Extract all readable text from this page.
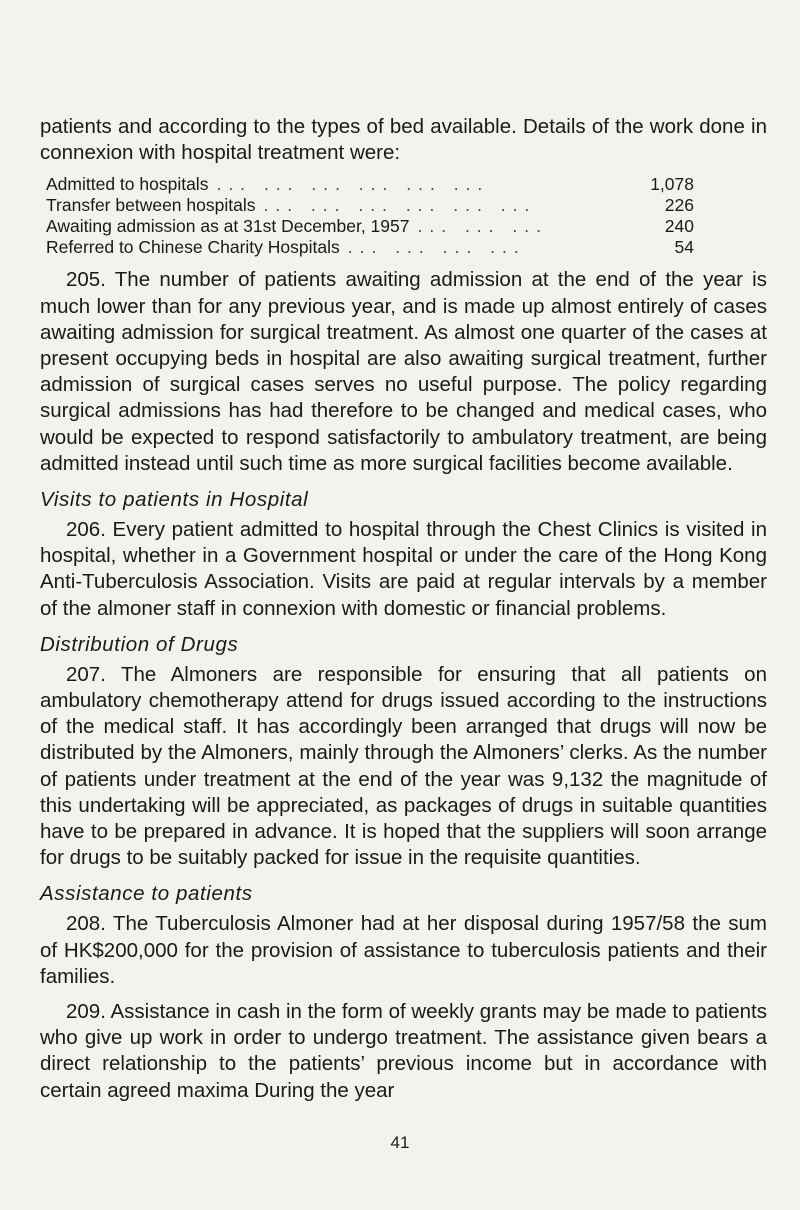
patients and according to the types of bed available. Details of the work done in connexion with hospital treatment were:

Admitted to hospitals ... ... ... ... ... ...	1,078
Transfer between hospitals ... ... ... ... ... ...	226
Awaiting admission as at 31st December, 1957 ... ... ...	240
Referred to Chinese Charity Hospitals ... ... ... ...	54

205. The number of patients awaiting admission at the end of the year is much lower than for any previous year, and is made up almost entirely of cases awaiting admission for surgical treatment. As almost one quarter of the cases at present occupying beds in hospital are also awaiting surgical treatment, further admission of surgical cases serves no useful purpose. The policy regarding surgical admissions has had therefore to be changed and medical cases, who would be expected to respond satisfactorily to ambulatory treatment, are being admitted instead until such time as more surgical facilities become available.

Visits to patients in Hospital

206. Every patient admitted to hospital through the Chest Clinics is visited in hospital, whether in a Government hospital or under the care of the Hong Kong Anti-Tuberculosis Association. Visits are paid at regular intervals by a member of the almoner staff in connexion with domestic or financial problems.

Distribution of Drugs

207. The Almoners are responsible for ensuring that all patients on ambulatory chemotherapy attend for drugs issued according to the instructions of the medical staff. It has accordingly been arranged that drugs will now be distributed by the Almoners, mainly through the Almoners’ clerks. As the number of patients under treatment at the end of the year was 9,132 the magnitude of this undertaking will be appreciated, as packages of drugs in suitable quantities have to be prepared in advance. It is hoped that the suppliers will soon arrange for drugs to be suitably packed for issue in the requisite quantities.

Assistance to patients

208. The Tuberculosis Almoner had at her disposal during 1957/58 the sum of HK$200,000 for the provision of assistance to tuberculosis patients and their families.

209. Assistance in cash in the form of weekly grants may be made to patients who give up work in order to undergo treatment. The assistance given bears a direct relationship to the patients’ previous income but in accordance with certain agreed maxima During the year

41
